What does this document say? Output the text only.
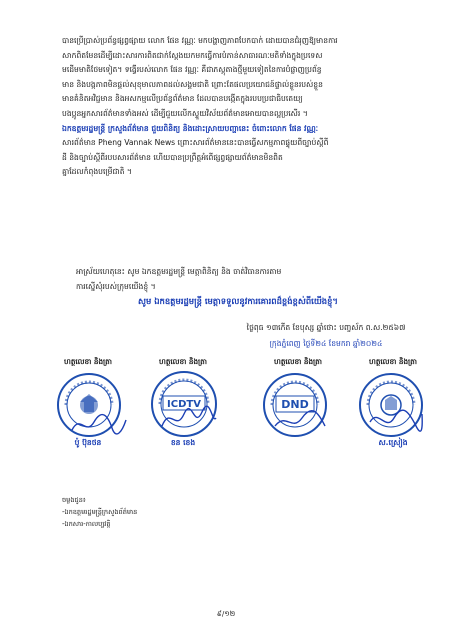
បានប្រើប្រាស់ប្រព័ន្ធផ្សព្វផ្សាយ លោក ផែន វណ្ណៈ មកបង្ហាញភាពបែកបាក់ ដោយបានជំរុញឱ្យមានការ

សាកពិតមែនដើម្បីដោះសារការពិតជាក់ស្តែងយកមកធ្វើការបំភាន់សាធារណៈមតិទាំងក្នុងប្រទេស

មដើមមាតិថែមទៀត។ ទង្វើរបស់លោក ផែន វណ្ណៈ គឺជាភស្តុតាងថ្មីមួយទៀតនៃការបំផ្លាញប្រព័ន្ធ

មាន និងបង្កភាពមិនផ្ដល់សុខុមាលភាពដល់សង្គមជាតិ ព្រោះតែផលប្រយោជន៍ផ្ទាល់ខ្លួនរបស់ខ្លួន

មានគំនិតអវិជ្ជមាន និងអសកម្មលើប្រព័ន្ធព័ត៌មាន ដែលបានបង្កើតក្នុងរបបប្រជាធិបតេយ្យ

បងប្អូនអ្នកសារព័ត៌មានទាំងអស់ ដើម្បីជួយលើកស្ទួយវិស័យព័ត៌មានអោយបានល្អប្រសើរ ។

ឯកឧត្តមរដ្ឋមន្ត្រី ក្រសួងព័ត៌មាន ជួយពិនិត្យ និងដោះស្រាយបញ្ហានេះ ចំពោះលោក ផែន វណ្ណៈ

សារព័ត៌មាន Pheng Vannak News ព្រោះសារព័ត៌មាននេះបានធ្វើសកម្មភាពផ្ទុយពីច្បាប់ស្តីពី

ដី និងច្បាប់ស្តីពីរបបសារព័ត៌មាន ហើយបានប្រព្រឹត្តអំពើផ្សព្វផ្សាយព័ត៌មានមិនពិត

គ្នាដែលកំពុងបម្រើជាតិ ។

អាស្រ័យហេតុនេះ សូម ឯកឧត្តមរដ្ឋមន្ត្រី មេត្តាពិនិត្យ និង ចាត់វិធានការតាម

ការស្នើសុំរបស់ក្រុមយើងខ្ញុំ ។

សូម ឯកឧត្តមរដ្ឋមន្ត្រី មេត្តាទទួលនូវការគោរពដ៏ខ្ពង់ខ្ពស់ពីយើងខ្ញុំ។
ថ្ងៃពុធ ១៣កើត ខែបុស្ស ឆ្នាំថោះ បញ្ចស័ក ព.ស.២៥៦៧
ក្រុងភ្នំពេញ ថ្ងៃទី២៤ ខែមករា ឆ្នាំ២០២៤
ហត្ថលេខា និងត្រា	ហត្ថលេខា និងត្រា	ហត្ថលេខា និងត្រា	ហត្ថលេខា និងត្រា
ICDTV	DND
ប៉ូ ប៊ុនថន	ខន ខេង	ស.ស្រៀង
ចម្លងជូន៖
-ឯកឧត្តមរដ្ឋមន្ត្រីក្រសួងព័ត៌មាន
-ឯកសារ-កាលប្បវត្តិ
៩/១២
